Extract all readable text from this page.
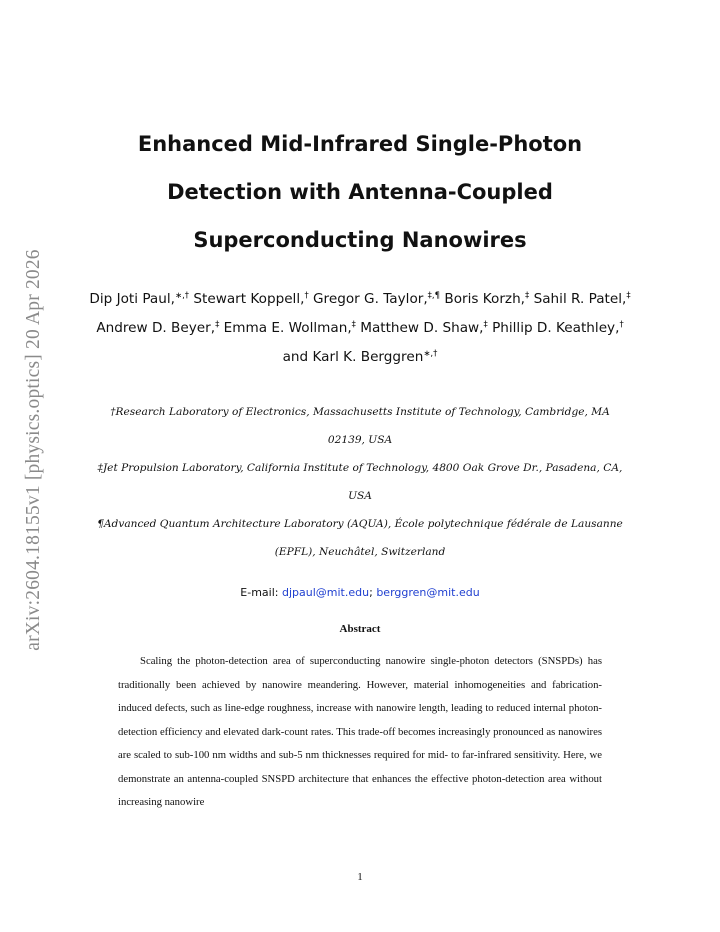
arXiv:2604.18155v1 [physics.optics] 20 Apr 2026
Enhanced Mid-Infrared Single-Photon Detection with Antenna-Coupled Superconducting Nanowires

Dip Joti Paul,∗,† Stewart Koppell,† Gregor G. Taylor,‡,¶ Boris Korzh,‡ Sahil R. Patel,‡ Andrew D. Beyer,‡ Emma E. Wollman,‡ Matthew D. Shaw,‡ Phillip D. Keathley,† and Karl K. Berggren∗,†

†Research Laboratory of Electronics, Massachusetts Institute of Technology, Cambridge, MA 02139, USA

‡Jet Propulsion Laboratory, California Institute of Technology, 4800 Oak Grove Dr., Pasadena, CA, USA

¶Advanced Quantum Architecture Laboratory (AQUA), École polytechnique fédérale de Lausanne (EPFL), Neuchâtel, Switzerland

E-mail: djpaul@mit.edu; berggren@mit.edu
Abstract

Scaling the photon-detection area of superconducting nanowire single-photon detectors (SNSPDs) has traditionally been achieved by nanowire meandering. However, material inhomogeneities and fabrication-induced defects, such as line-edge roughness, increase with nanowire length, leading to reduced internal photon-detection efficiency and elevated dark-count rates. This trade-off becomes increasingly pronounced as nanowires are scaled to sub-100 nm widths and sub-5 nm thicknesses required for mid- to far-infrared sensitivity. Here, we demonstrate an antenna-coupled SNSPD architecture that enhances the effective photon-detection area without increasing nanowire

1
